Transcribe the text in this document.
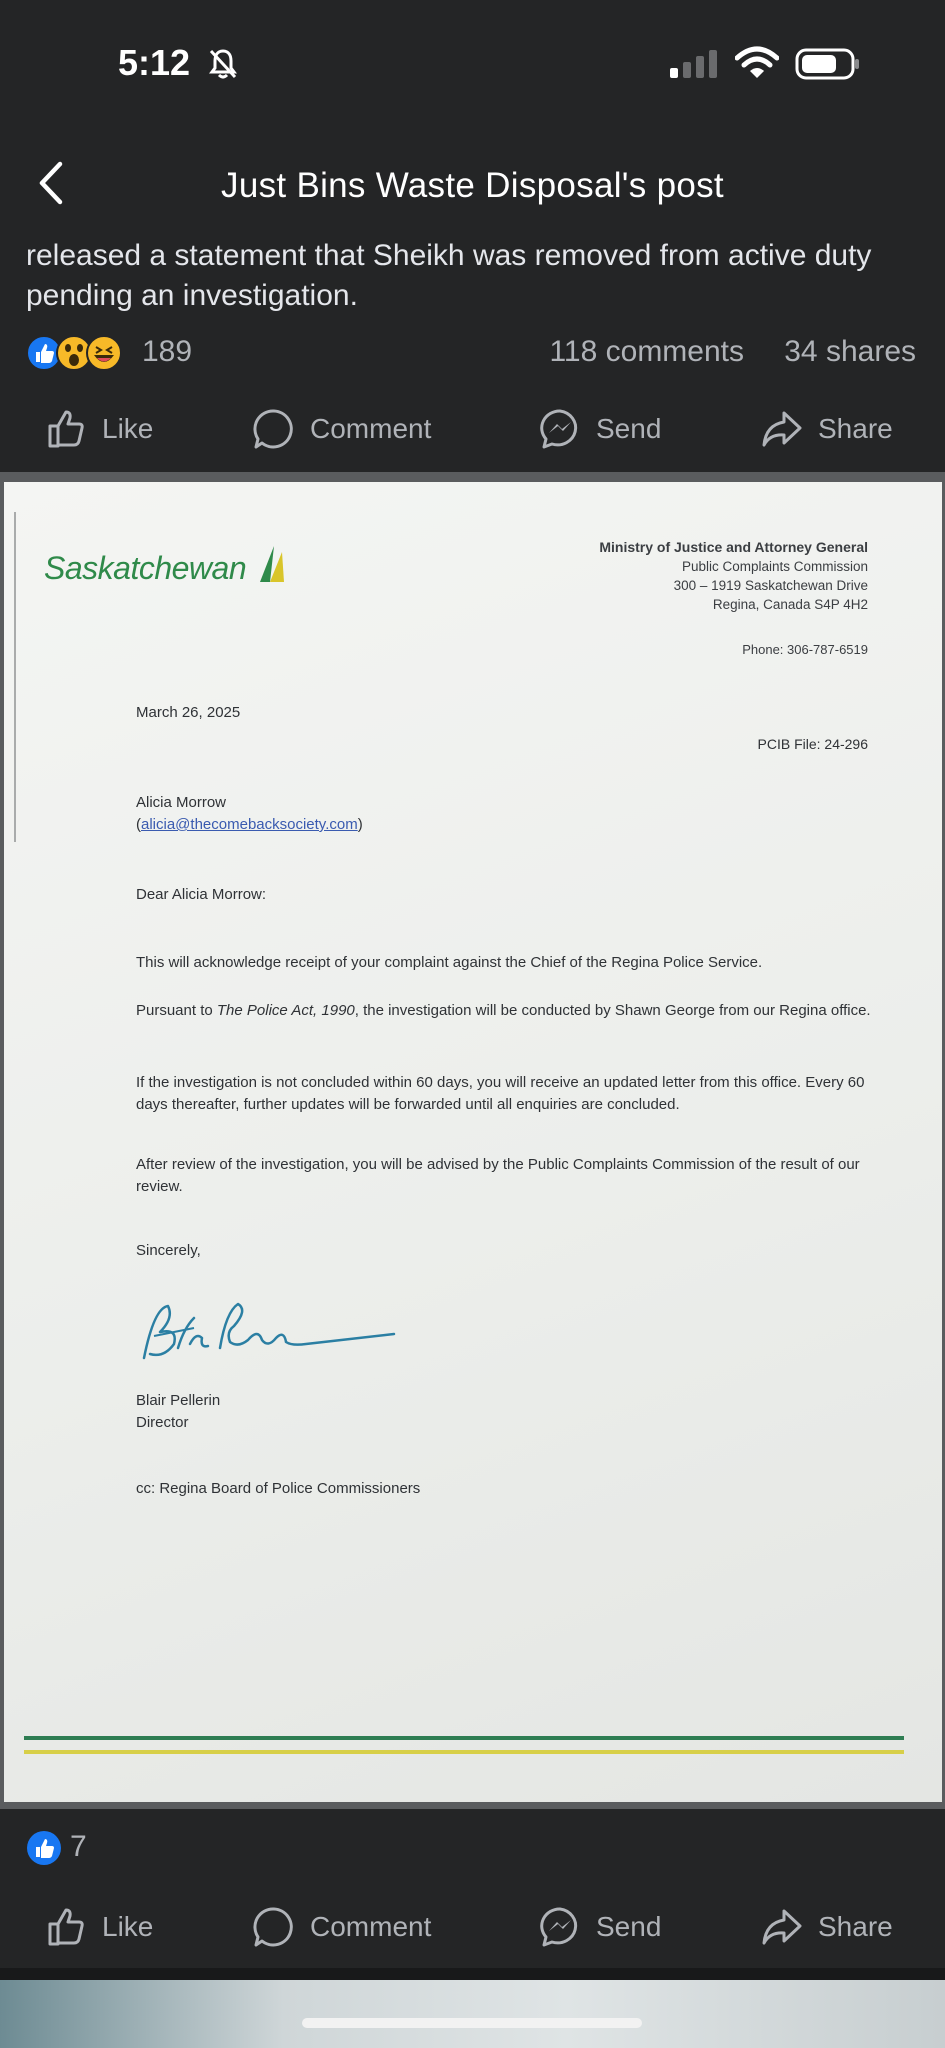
5:12
Just Bins Waste Disposal's post
released a statement that Sheikh was removed from active duty pending an investigation.
189	118 comments 34 shares
Like	Comment	Send	Share
Saskatchewan
Ministry of Justice and Attorney General
Public Complaints Commission
300 – 1919 Saskatchewan Drive
Regina, Canada S4P 4H2
Phone: 306-787-6519
March 26, 2025
PCIB File: 24-296
Alicia Morrow
(alicia@thecomebacksociety.com)
Dear Alicia Morrow:
This will acknowledge receipt of your complaint against the Chief of the Regina Police Service.
Pursuant to The Police Act, 1990, the investigation will be conducted by Shawn George from our Regina office.
If the investigation is not concluded within 60 days, you will receive an updated letter from this office. Every 60 days thereafter, further updates will be forwarded until all enquiries are concluded.
After review of the investigation, you will be advised by the Public Complaints Commission of the result of our review.
Sincerely,
Blair Pellerin
Director
cc: Regina Board of Police Commissioners
7
Like	Comment	Send	Share
